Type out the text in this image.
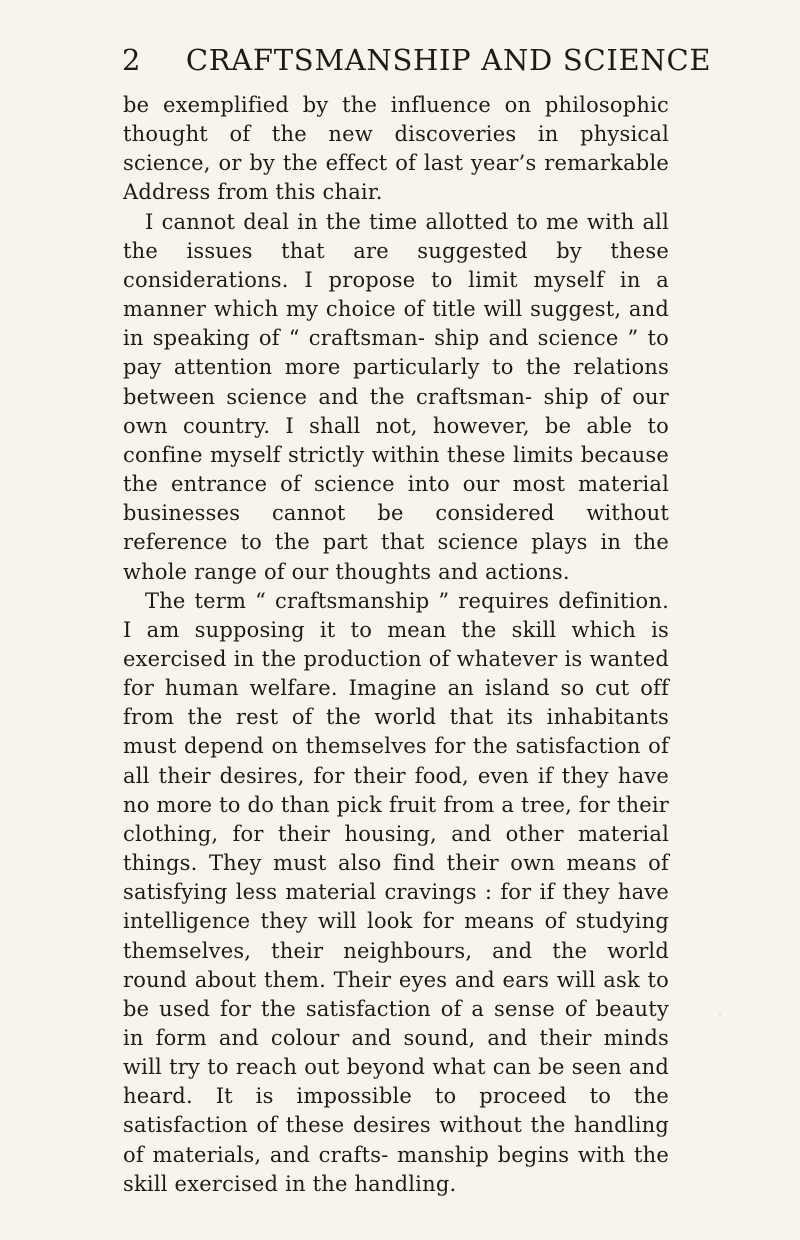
2 CRAFTSMANSHIP AND SCIENCE

be exemplified by the influence on philosophic thought of the new discoveries in physical science, or by the effect of last year’s remarkable Address from this chair.

I cannot deal in the time allotted to me with all the issues that are suggested by these considerations. I propose to limit myself in a manner which my choice of title will suggest, and in speaking of “ craftsman- ship and science ” to pay attention more particularly to the relations between science and the craftsman- ship of our own country. I shall not, however, be able to confine myself strictly within these limits because the entrance of science into our most material businesses cannot be considered without reference to the part that science plays in the whole range of our thoughts and actions.

The term “ craftsmanship ” requires definition. I am supposing it to mean the skill which is exercised in the production of whatever is wanted for human welfare. Imagine an island so cut off from the rest of the world that its inhabitants must depend on themselves for the satisfaction of all their desires, for their food, even if they have no more to do than pick fruit from a tree, for their clothing, for their housing, and other material things. They must also find their own means of satisfying less material cravings : for if they have intelligence they will look for means of studying themselves, their neighbours, and the world round about them. Their eyes and ears will ask to be used for the satisfaction of a sense of beauty in form and colour and sound, and their minds will try to reach out beyond what can be seen and heard. It is impossible to proceed to the satisfaction of these desires without the handling of materials, and crafts- manship begins with the skill exercised in the handling.
